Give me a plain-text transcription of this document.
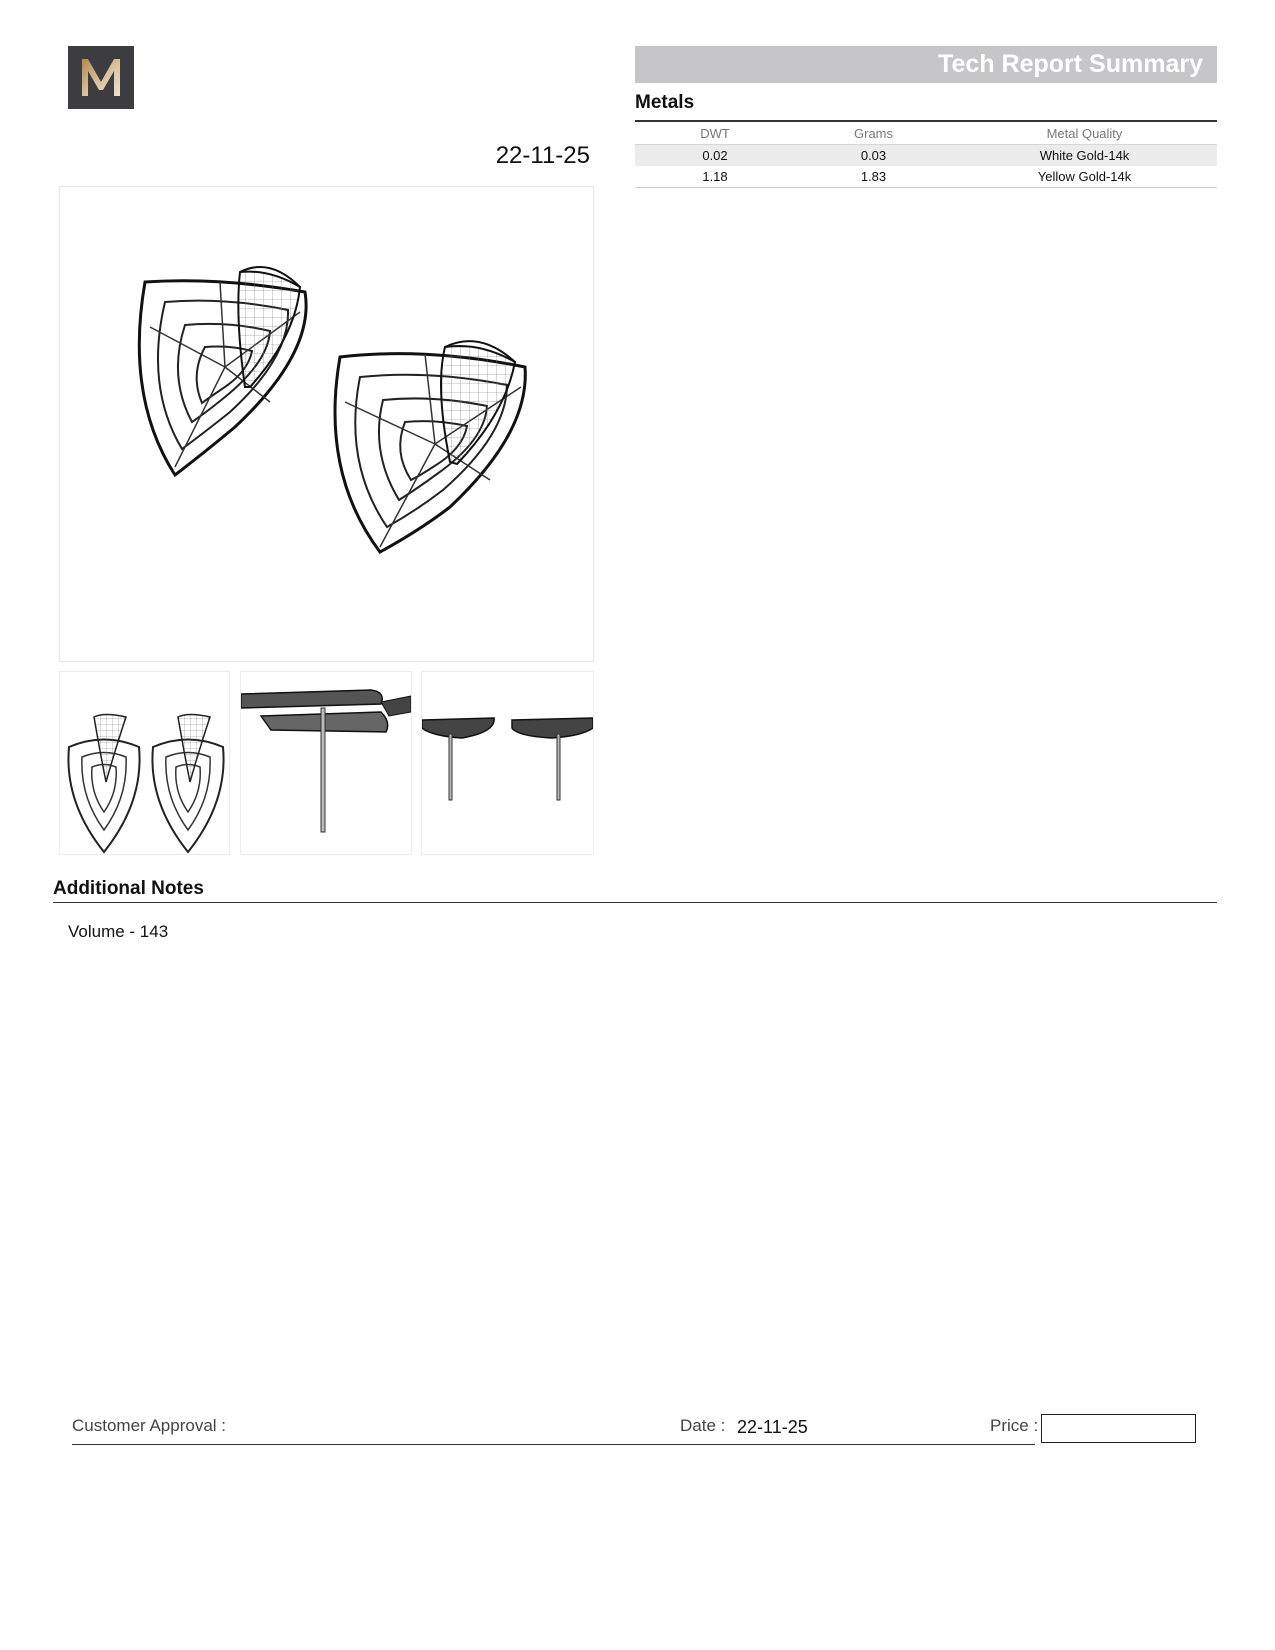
22-11-25
Tech Report Summary
Metals
DWT	Grams	Metal Quality
0.02	0.03	White Gold-14k
1.18	1.83	Yellow Gold-14k
Additional Notes
Volume - 143
Customer Approval :	Date : 22-11-25	Price :
